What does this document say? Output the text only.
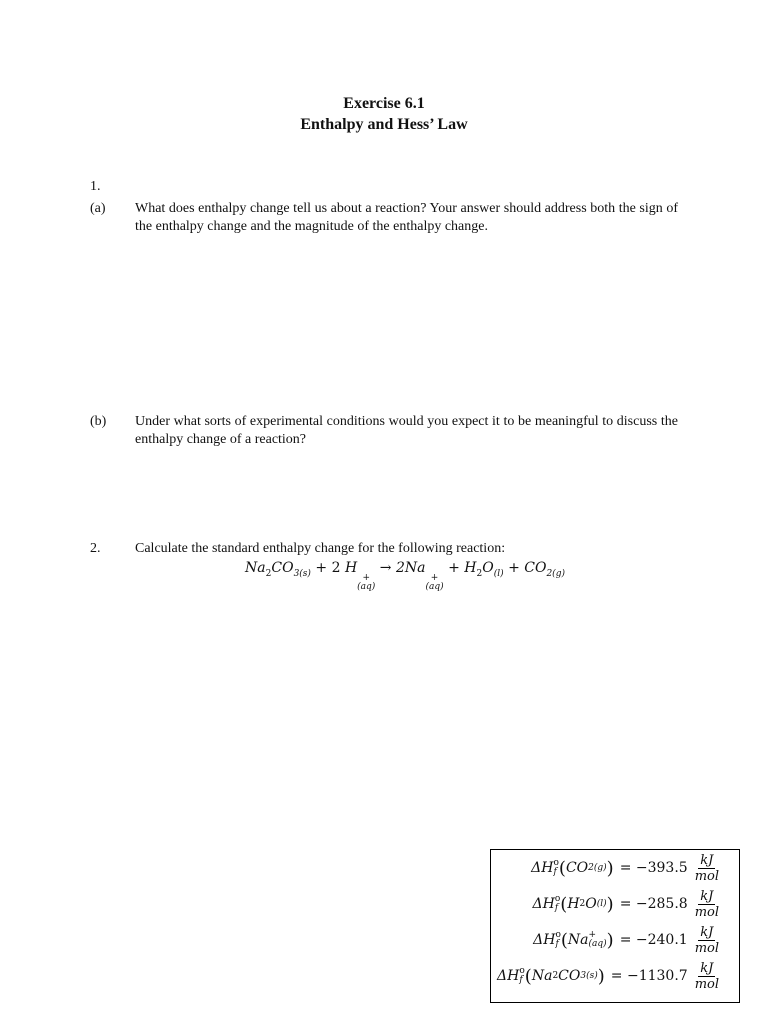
Exercise 6.1
Enthalpy and Hess’ Law
1.
(a) What does enthalpy change tell us about a reaction? Your answer should address both the sign of the enthalpy change and the magnitude of the enthalpy change.
(b) Under what sorts of experimental conditions would you expect it to be meaningful to discuss the enthalpy change of a reaction?
2. Calculate the standard enthalpy change for the following reaction:
$Na_2CO_{3(s)} + 2$ H
+
(aq)
→ 2Na
+
(aq)
+ $H_2O_{(l)} + CO_{2(g)}$
ΔH o
f ( CO 2(g) ) = $-393.5 \frac{kJ}{\text{mol}}$
ΔH o
f ( H 2 O (l) ) = $-285.8 \frac{kJ}{\text{mol}}$
ΔH o
f ( Na +
(aq) ) = $-240.1 \frac{kJ}{\text{mol}}$
ΔH o
f ( Na 2 CO 3(s) ) = $-1130.7 \frac{kJ}{\text{mol}}$
